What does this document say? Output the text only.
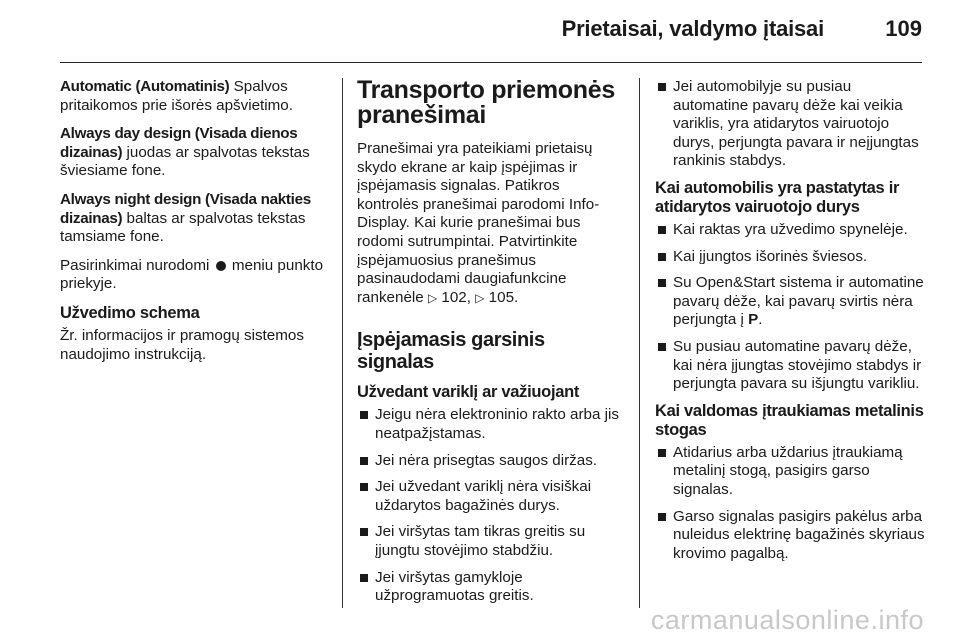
Prietaisai, valdymo įtaisai	109

Automatic (Automatinis) Spalvos pritaikomos prie išorės apšvietimo.

Always day design (Visada dienos dizainas) juodas ar spalvotas tekstas šviesiame fone.

Always night design (Visada nakties dizainas) baltas ar spalvotas tekstas tamsiame fone.

Pasirinkimai nurodomi  meniu punkto priekyje.

Užvedimo schema

Žr. informacijos ir pramogų sistemos naudojimo instrukciją.

Transporto priemonės pranešimai

Pranešimai yra pateikiami prietaisų skydo ekrane ar kaip įspėjimas ir įspėjamasis signalas. Patikros kontrolės pranešimai parodomi Info-Display. Kai kurie pranešimai bus rodomi sutrumpintai. Patvirtinkite įspėjamuosius pranešimus pasinaudodami daugiafunkcine rankenėle ▷ 102, ▷ 105.

Įspėjamasis garsinis signalas
Užvedant variklį ar važiuojant
Jeigu nėra elektroninio rakto arba jis neatpažįstamas.
Jei nėra prisegtas saugos diržas.
Jei užvedant variklį nėra visiškai uždarytos bagažinės durys.
Jei viršytas tam tikras greitis su įjungtu stovėjimo stabdžiu.
Jei viršytas gamykloje užprogramuotas greitis.
Jei automobilyje su pusiau automatine pavarų dėže kai veikia variklis, yra atidarytos vairuotojo durys, perjungta pavara ir neįjungtas rankinis stabdys.
Kai automobilis yra pastatytas ir atidarytos vairuotojo durys
Kai raktas yra užvedimo spynelėje.
Kai įjungtos išorinės šviesos.
Su Open&Start sistema ir automatine pavarų dėže, kai pavarų svirtis nėra perjungta į P.
Su pusiau automatine pavarų dėže, kai nėra įjungtas stovėjimo stabdys ir perjungta pavara su išjungtu varikliu.
Kai valdomas įtraukiamas metalinis stogas
Atidarius arba uždarius įtraukiamą metalinį stogą, pasigirs garso signalas.
Garso signalas pasigirs pakėlus arba nuleidus elektrinę bagažinės skyriaus krovimo pagalbą.
carmanualsonline.info
